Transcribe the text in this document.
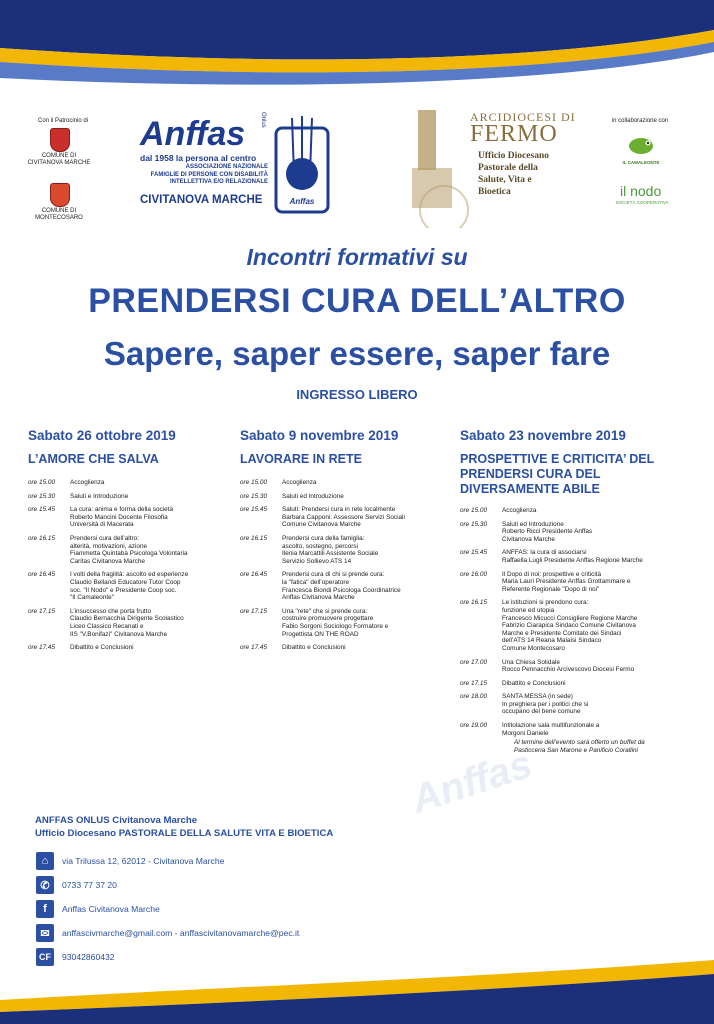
Con il Patrocinio di
COMUNE DI CIVITANOVA MARCHE
COMUNE DI MONTECOSARO
Anffas Onlus
dal 1958 la persona al centro
ASSOCIAZIONE NAZIONALE
FAMIGLIE DI PERSONE CON DISABILITÀ
INTELLETTIVA E/O RELAZIONALE
CIVITANOVA MARCHE	Anffas
ARCIDIOCESI DI
FERMO
Ufficio Diocesano
Pastorale della
Salute, Vita e
Bioetica
in collaborazione con
IL CAMALEONTE
il nodo
SOCIETÀ COOPERATIVA
Incontri formativi su
PRENDERSI CURA DELL’ALTRO
Sapere, saper essere, saper fare
INGRESSO LIBERO
Anffas
Sabato 26 ottobre 2019
L’AMORE CHE SALVA
ore 15.00	Accoglienza
ore 15.30	Saluti e Introduzione
ore 15.45	La cura: anima e forma della società
Roberto Mancini Docente Filosofia
Università di Macerata
ore 16.15	Prendersi cura dell’altro:
alterità, motivazioni, azione
Fiammetta Quintabà Psicologa Volontaria
Caritas Civitanova Marche
ore 16.45	I volti della fragilità: ascolto ed esperienze
Claudio Bellandi Educatore Tutor Coop
soc. "Il Nodo" e Presidente Coop soc.
"Il Camaleonte"
ore 17.15	L’insuccesso che porta frutto
Claudio Bernacchia Dirigente Scolastico
Liceo Classico Recanati e
IIS "V.Bonifazi" Civitanova Marche
ore 17.45	Dibattito e Conclusioni
Sabato 9 novembre 2019
LAVORARE IN RETE
ore 15.00	Accoglienza
ore 15.30	Saluti ed Introduzione
ore 15.45	Saluti: Prendersi cura in rete localmente
Barbara Capponi: Assessore Servizi Sociali
Comune Civitanova Marche
ore 16.15	Prendersi cura della famiglia:
ascolto, sostegno, percorsi
Ilenia Marcattili Assistente Sociale
Servizio Sollievo ATS 14
ore 16.45	Prendersi cura di chi si prende cura:
la "fatica" dell’operatore
Francesca Biondi Psicologa Coordinatrice
Anffas Civitanova Marche
ore 17.15	Una "rete" che si prende cura:
costruire promuovere progettare
Fabio Sorgoni Sociologo Formatore e
Progettista ON THE ROAD
ore 17.45	Dibattito e Conclusioni
Sabato 23 novembre 2019
PROSPETTIVE E CRITICITA’ DEL PRENDERSI CURA DEL DIVERSAMENTE ABILE
ore 15.00	Accoglienza
ore 15.30	Saluti ed Introduzione
Roberto Ricci Presidente Anffas
Civitanova Marche
ore 15.45	ANFFAS: la cura di associarsi
Raffaella Lugli Presidente Anffas Regione Marche
ore 16.00	Il Dopo di noi: prospettive e criticità
Maria Lauri Presidente Anffas Grottammare e
Referente Regionale "Dopo di noi"
ore 16.15	Le istituzioni si prendono cura:
funzione ed utopia
Francesco Micucci Consigliere Regione Marche
Fabrizio Ciarapica Sindaco Comune Civitanova
Marche e Presidente Comitato dei Sindaci
dell’ATS 14 Reana Malaisi Sindaco
Comune Montecosaro
ore 17.00	Una Chiesa Solidale
Rocco Pennacchio Arcivescovo Diocesi Fermo
ore 17.15	Dibattito e Conclusioni
ore 18.00	SANTA MESSA (in sede)
In preghiera per i politici che si
occupano del bene comune
ore 19.00	Intitolazione sala multifunzionale a
Morgoni Daniele
Al termine dell’evento sarà offerto un buffet da
Pasticceria San Marone e Panificio Corallini
ANFFAS ONLUS Civitanova Marche
Ufficio Diocesano PASTORALE DELLA SALUTE VITA E BIOETICA
⌂	via Trilussa 12, 62012 - Civitanova Marche
✆	0733 77 37 20
f	Anffas Civitanova Marche
✉	anffascivmarche@gmail.com - anffascivitanovamarche@pec.it
CF	93042860432
